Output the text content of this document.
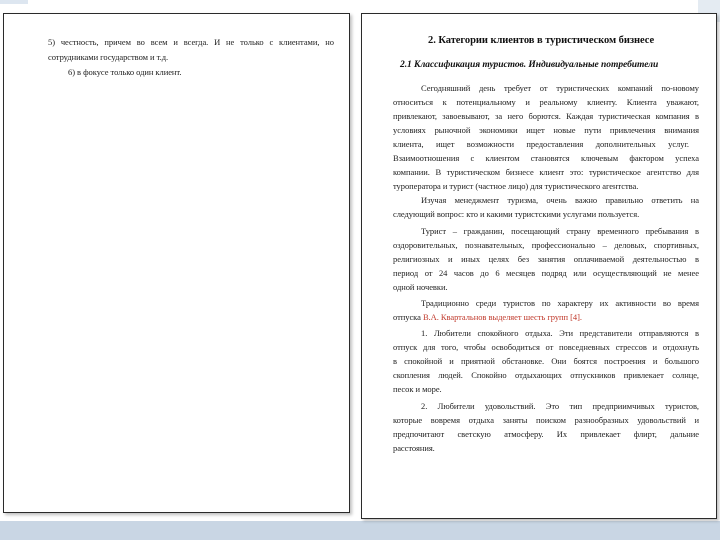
5) честность, причем во всем и всегда. И не только с клиентами, но
сотрудниками государством и т.д.
6) в фокусе только один клиент.
2. Категории клиентов в туристическом бизнесе
2.1 Классификация туристов. Индивидуальные потребители
Сегодняшний день требует от туристических компаний по-новому
относиться к потенциальному и реальному клиенту. Клиента уважают,
привлекают, завоевывают, за него борются. Каждая туристическая компания в
условиях рыночной экономики ищет новые пути привлечения внимания
клиента, ищет возможности предоставления дополнительных услуг.
Взаимоотношения с клиентом становятся ключевым фактором успеха
компании. В туристическом бизнесе клиент это: туристическое агентство для
туроператора и турист (частное лицо) для туристического агентства.
Изучая менеджмент туризма, очень важно правильно ответить на
следующий вопрос: кто и какими туристскими услугами пользуется.
Турист – гражданин, посещающий страну временного пребывания в
оздоровительных, познавательных, профессионально – деловых, спортивных,
религиозных и иных целях без занятия оплачиваемой деятельностью в
период от 24 часов до 6 месяцев подряд или осуществляющий не менее
одной ночевки.
Традиционно среди туристов по характеру их активности во время
отпуска В.А. Квартальнов выделяет шесть групп [4].
1. Любители спокойного отдыха. Эти представители отправляются в
отпуск для того, чтобы освободиться от повседневных стрессов и отдохнуть
в спокойной и приятной обстановке. Они боятся построения и большого
скопления людей. Спокойно отдыхающих отпускников привлекает солнце,
песок и море.
2. Любители удовольствий. Это тип предприимчивых туристов,
которые вовремя отдыха заняты поиском разнообразных удовольствий и
предпочитают светскую атмосферу. Их привлекает флирт, дальние
расстояния.
